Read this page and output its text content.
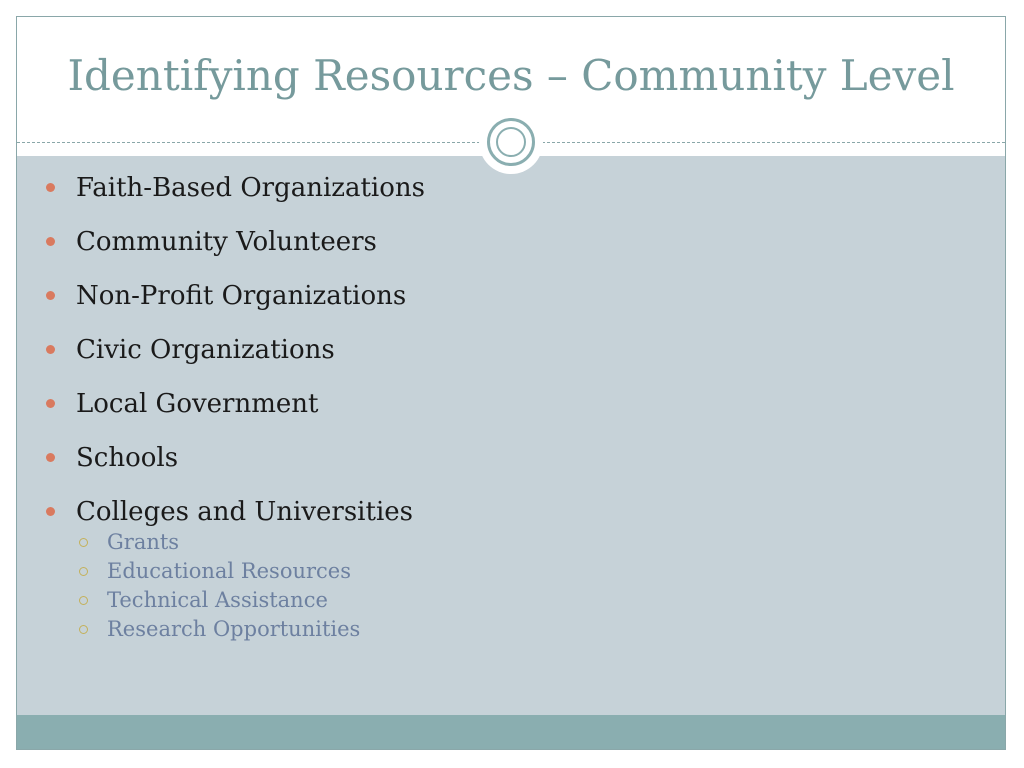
Identifying Resources – Community Level
Faith-Based Organizations
Community Volunteers
Non-Profit Organizations
Civic Organizations
Local Government
Schools
Colleges and Universities
Grants
Educational Resources
Technical Assistance
Research Opportunities
